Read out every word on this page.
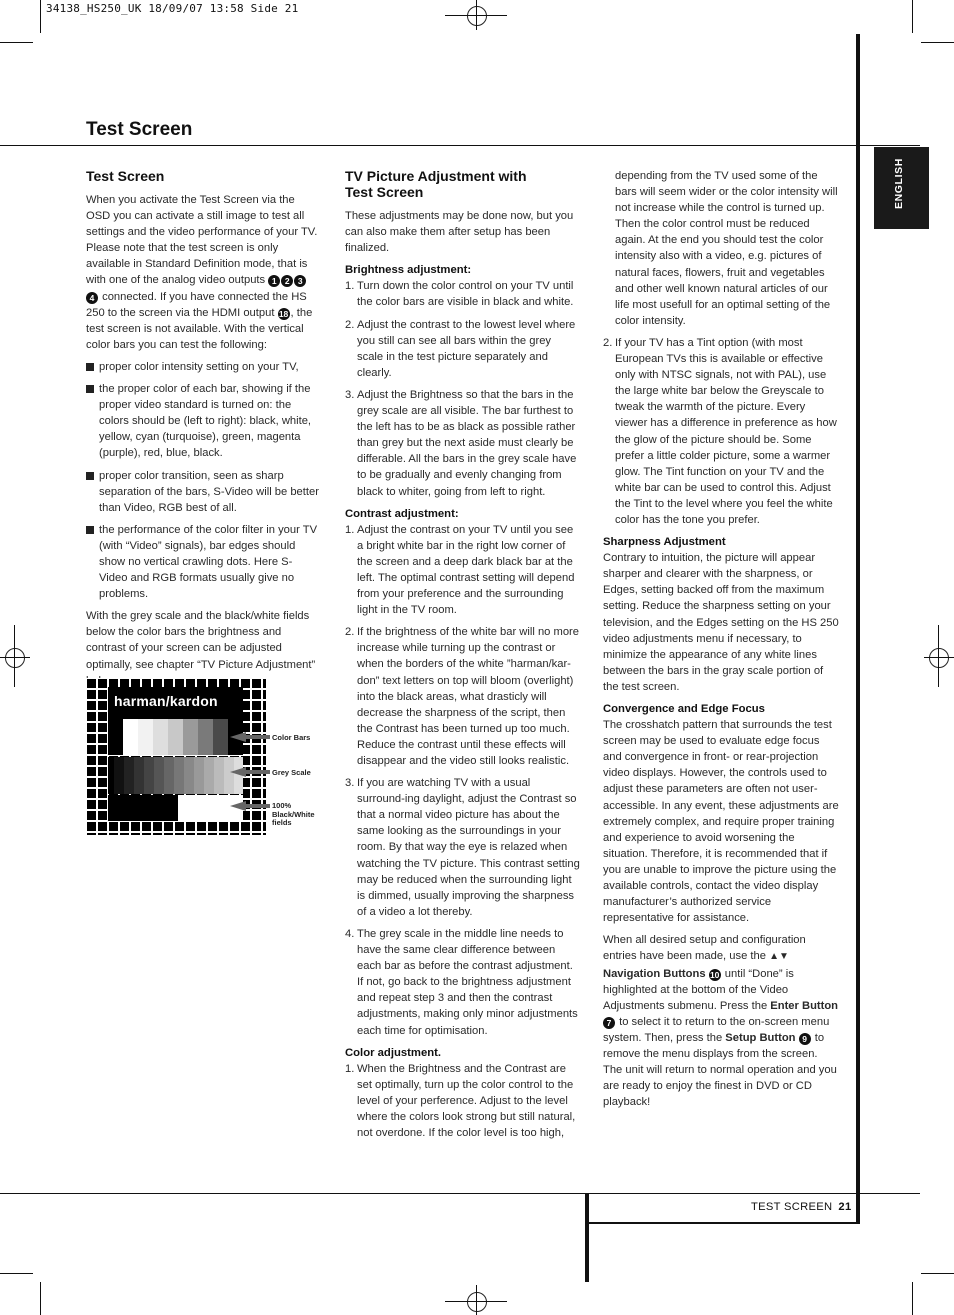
34138_HS250_UK 18/09/07 13:58 Side 21
Test Screen
ENGLISH
Test Screen

When you activate the Test Screen via the OSD you can activate a still image to test all settings and the video performance of your TV. Please note that the test screen is only available in Standard Definition mode, that is with one of the analog video outputs 1 2 34 connected. If you have connected the HS 250 to the screen via the HDMI output 18 , the test screen is not available. With the vertical color bars you can test the following:

proper color intensity setting on your TV,

the proper color of each bar, showing if the proper video standard is turned on: the colors should be (left to right): black, white, yellow, cyan (turquoise), green, magenta (purple), red, blue, black.

proper color transition, seen as sharp separation of the bars, S-Video will be better than Video, RGB best of all.

the performance of the color filter in your TV (with “Video” signals), bar edges should show no vertical crawling dots. Here S-Video and RGB formats usually give no problems.

With the grey scale and the black/white fields below the color bars the brightness and contrast of your screen can be adjusted optimally, see chapter “TV Picture Adjustment”

harman/kardon
Color Bars
Grey Scale
100% Black/White fields
TV Picture Adjustment with Test Screen

These adjustments may be done now, but you can also make them after setup has been finalized.

Brightness adjustment:

1. Turn down the color control on your TV until the color bars are visible in black and white.

2. Adjust the contrast to the lowest level where you still can see all bars within the grey scale in the test picture separately and clearly.

3. Adjust the Brightness so that the bars in the grey scale are all visible. The bar furthest to the left has to be as black as possible rather than grey but the next aside must clearly be differable. All the bars in the grey scale have to be gradually and evenly changing from black to whiter, going from left to right.

Contrast adjustment:

1. Adjust the contrast on your TV until you see a bright white bar in the right low corner of the screen and a deep dark black bar at the left. The optimal contrast setting will depend from your preference and the surrounding light in the TV room.

2. If the brightness of the white bar will no more increase while turning up the contrast or when the borders of the white ”harman/kar-don” text letters on top will bloom (overlight) into the black areas, what drasticly will decrease the sharpness of the script, then the Contrast has been turned up too much. Reduce the contrast until these effects will disappear and the video still looks realistic.

3. If you are watching TV with a usual surround-ing daylight, adjust the Contrast so that a normal video picture has about the same looking as the surroundings in your room. By that way the eye is relazed when watching the TV picture. This contrast setting may be reduced when the surrounding light is dimmed, usually improving the sharpness of a video a lot thereby.

4. The grey scale in the middle line needs to have the same clear difference between each bar as before the contrast adjustment. If not, go back to the brightness adjustment and repeat step 3 and then the contrast adjustments, making only minor adjustments each time for optimisation.

Color adjustment.

1. When the Brightness and the Contrast are set optimally, turn up the color control to the level of your perference. Adjust to the level where the colors look strong but still natural, not overdone. If the color level is too high,

depending from the TV used some of the bars will seem wider or the color intensity will not increase while the control is turned up. Then the color control must be reduced again. At the end you should test the color intensity also with a video, e.g. pictures of natural faces, flowers, fruit and vegetables and other well known natural articles of our life most usefull for an optimal setting of the color intensity.

2. If your TV has a Tint option (with most European TVs this is available or effective only with NTSC signals, not with PAL), use the large white bar below the Greyscale to tweak the warmth of the picture. Every viewer has a difference in preference as how the glow of the picture should be. Some prefer a little colder picture, some a warmer glow. The Tint function on your TV and the white bar can be used to control this. Adjust the Tint to the level where you feel the white color has the tone you prefer.

Sharpness Adjustment

Contrary to intuition, the picture will appear sharper and clearer with the sharpness, or Edges, setting backed off from the maximum setting. Reduce the sharpness setting on your television, and the Edges setting on the HS 250 video adjustments menu if necessary, to minimize the appearance of any white lines between the bars in the gray scale portion of the test screen.

Convergence and Edge Focus

The crosshatch pattern that surrounds the test screen may be used to evaluate edge focus and convergence in front- or rear-projection video displays. However, the controls used to adjust these parameters are often not user-accessible. In any event, these adjustments are extremely complex, and require proper training and experience to avoid worsening the situation. Therefore, it is recommended that if you are unable to improve the picture using the available controls, contact the video display manufacturer’s authorized service representative for assistance.

When all desired setup and configuration entries have been made, use the ▲▼ Navigation Buttons 10 until “Done” is highlighted at the bottom of the Video Adjustments submenu. Press the Enter Button 7 to select it to return to the on-screen menu system. Then, press the Setup Button 9 to remove the menu displays from the screen. The unit will return to normal operation and you are ready to enjoy the finest in DVD or CD playback!

TEST SCREEN 21
